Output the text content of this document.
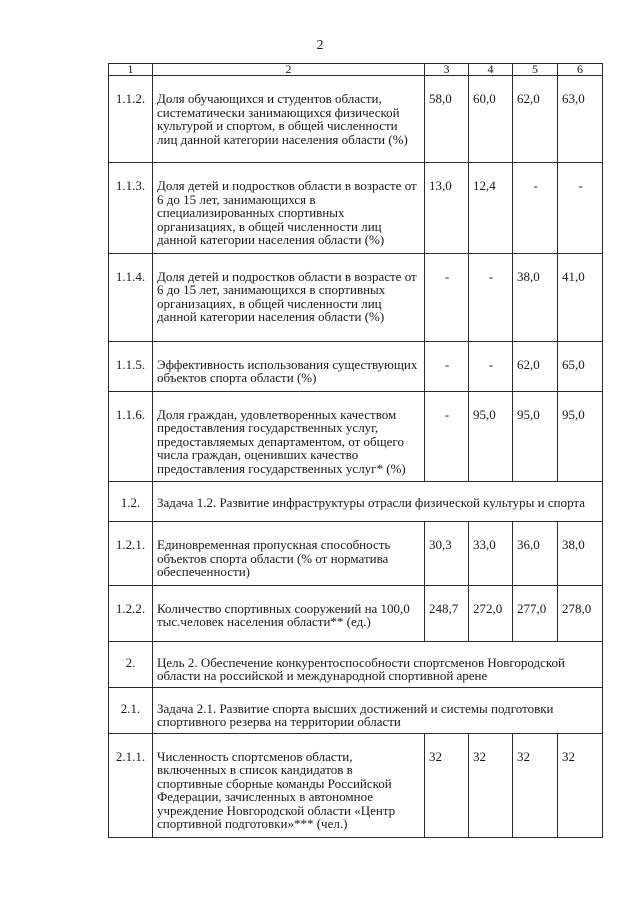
2
1	2	3	4	5	6
1.1.2.	Доля обучающихся и студентов области, систематически занимающихся физической культурой и спортом, в общей численности лиц данной категории населения области (%)	58,0	60,0	62,0	63,0
1.1.3.	Доля детей и подростков области в возрасте от 6 до 15 лет, занимающихся в специализированных спортивных организациях, в общей численности лиц данной категории населения области (%)	13,0	12,4	-	-
1.1.4.	Доля детей и подростков области в возрасте от 6 до 15 лет, занимающихся в спортивных организациях, в общей численности лиц данной категории населения области (%)	-	-	38,0	41,0
1.1.5.	Эффективность использования существующих объектов спорта области (%)	-	-	62,0	65,0
1.1.6.	Доля граждан, удовлетворенных качеством предоставления государственных услуг, предоставляемых департаментом, от общего числа граждан, оценивших качество предоставления государственных услуг* (%)	-	95,0	95,0	95,0
1.2.	Задача 1.2. Развитие инфраструктуры отрасли физической культуры и спорта				
1.2.1.	Единовременная пропускная способность объектов спорта области (% от норматива обеспеченности)	30,3	33,0	36,0	38,0
1.2.2.	Количество спортивных сооружений на 100,0 тыс.человек населения области** (ед.)	248,7	272,0	277,0	278,0
2.	Цель 2. Обеспечение конкурентоспособности спортсменов Новгородской области на российской и международной спортивной арене				
2.1.	Задача 2.1. Развитие спорта высших достижений и системы подготовки спортивного резерва на территории области				
2.1.1.	Численность спортсменов области, включенных в список кандидатов в спортивные сборные команды Российской Федерации, зачисленных в автономное учреждение Новгородской области «Центр спортивной подготовки»*** (чел.)	32	32	32	32
